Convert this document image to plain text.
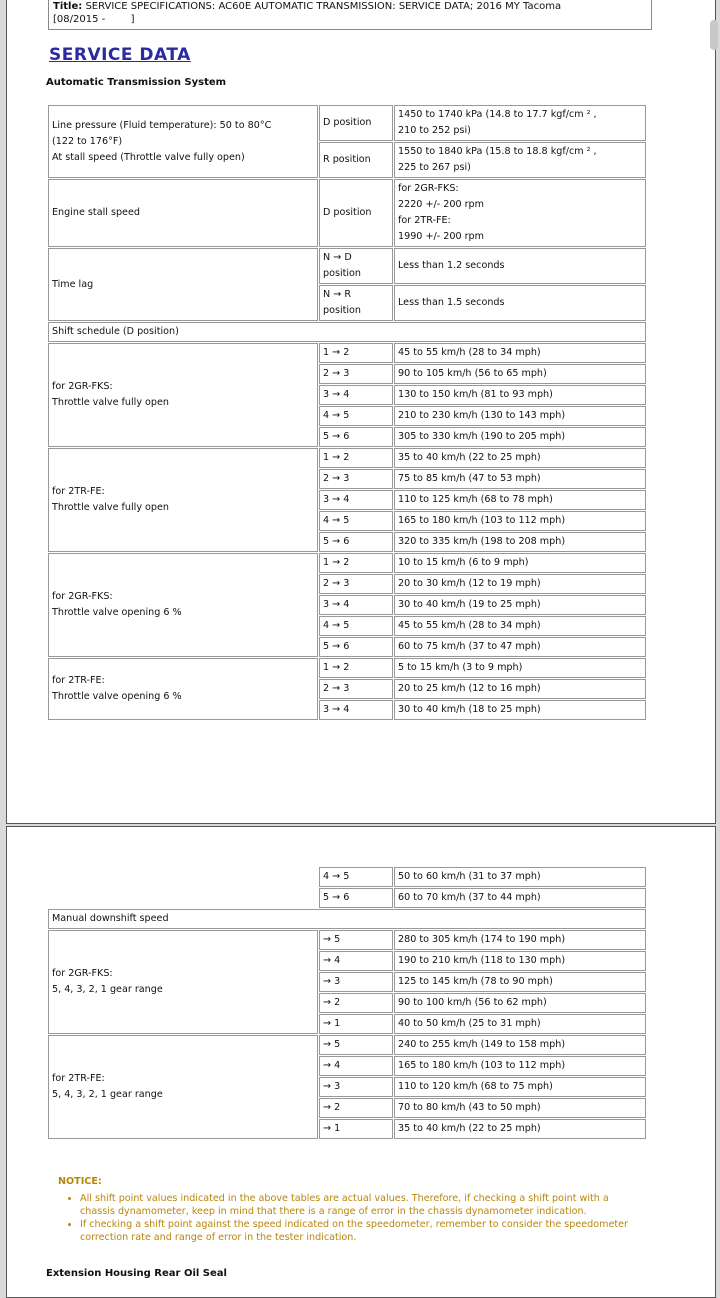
Title: SERVICE SPECIFICATIONS: AC60E AUTOMATIC TRANSMISSION: SERVICE DATA; 2016 MY Tacoma
[08/2015 -        ]
SERVICE DATA
Automatic Transmission System
Line pressure (Fluid temperature): 50 to 80°C
(122 to 176°F)
At stall speed (Throttle valve fully open)	D position	1450 to 1740 kPa (14.8 to 17.7 kgf/cm ² ,
210 to 252 psi)
	R position	1550 to 1840 kPa (15.8 to 18.8 kgf/cm ² ,
225 to 267 psi)
Engine stall speed	D position	for 2GR-FKS:
2220 +/- 200 rpm
for 2TR-FE:
1990 +/- 200 rpm
Time lag	N → D position	Less than 1.2 seconds
	N → R position	Less than 1.5 seconds
Shift schedule (D position)		
for 2GR-FKS:
Throttle valve fully open	1 → 2	45 to 55 km/h (28 to 34 mph)
	2 → 3	90 to 105 km/h (56 to 65 mph)
	3 → 4	130 to 150 km/h (81 to 93 mph)
	4 → 5	210 to 230 km/h (130 to 143 mph)
	5 → 6	305 to 330 km/h (190 to 205 mph)
for 2TR-FE:
Throttle valve fully open	1 → 2	35 to 40 km/h (22 to 25 mph)
	2 → 3	75 to 85 km/h (47 to 53 mph)
	3 → 4	110 to 125 km/h (68 to 78 mph)
	4 → 5	165 to 180 km/h (103 to 112 mph)
	5 → 6	320 to 335 km/h (198 to 208 mph)
for 2GR-FKS:
Throttle valve opening 6 %	1 → 2	10 to 15 km/h (6 to 9 mph)
	2 → 3	20 to 30 km/h (12 to 19 mph)
	3 → 4	30 to 40 km/h (19 to 25 mph)
	4 → 5	45 to 55 km/h (28 to 34 mph)
	5 → 6	60 to 75 km/h (37 to 47 mph)
for 2TR-FE:
Throttle valve opening 6 %	1 → 2	5 to 15 km/h (3 to 9 mph)
	2 → 3	20 to 25 km/h (12 to 16 mph)
	3 → 4	30 to 40 km/h (18 to 25 mph)
	4 → 5	50 to 60 km/h (31 to 37 mph)
	5 → 6	60 to 70 km/h (37 to 44 mph)
Manual downshift speed		
for 2GR-FKS:
5, 4, 3, 2, 1 gear range	→ 5	280 to 305 km/h (174 to 190 mph)
	→ 4	190 to 210 km/h (118 to 130 mph)
	→ 3	125 to 145 km/h (78 to 90 mph)
	→ 2	90 to 100 km/h (56 to 62 mph)
	→ 1	40 to 50 km/h (25 to 31 mph)
for 2TR-FE:
5, 4, 3, 2, 1 gear range	→ 5	240 to 255 km/h (149 to 158 mph)
	→ 4	165 to 180 km/h (103 to 112 mph)
	→ 3	110 to 120 km/h (68 to 75 mph)
	→ 2	70 to 80 km/h (43 to 50 mph)
	→ 1	35 to 40 km/h (22 to 25 mph)
NOTICE:
• All shift point values indicated in the above tables are actual values. Therefore, if checking a shift point with a chassis dynamometer, keep in mind that there is a range of error in the chassis dynamometer indication.
• If checking a shift point against the speed indicated on the speedometer, remember to consider the speedometer correction rate and range of error in the tester indication.
Extension Housing Rear Oil Seal
